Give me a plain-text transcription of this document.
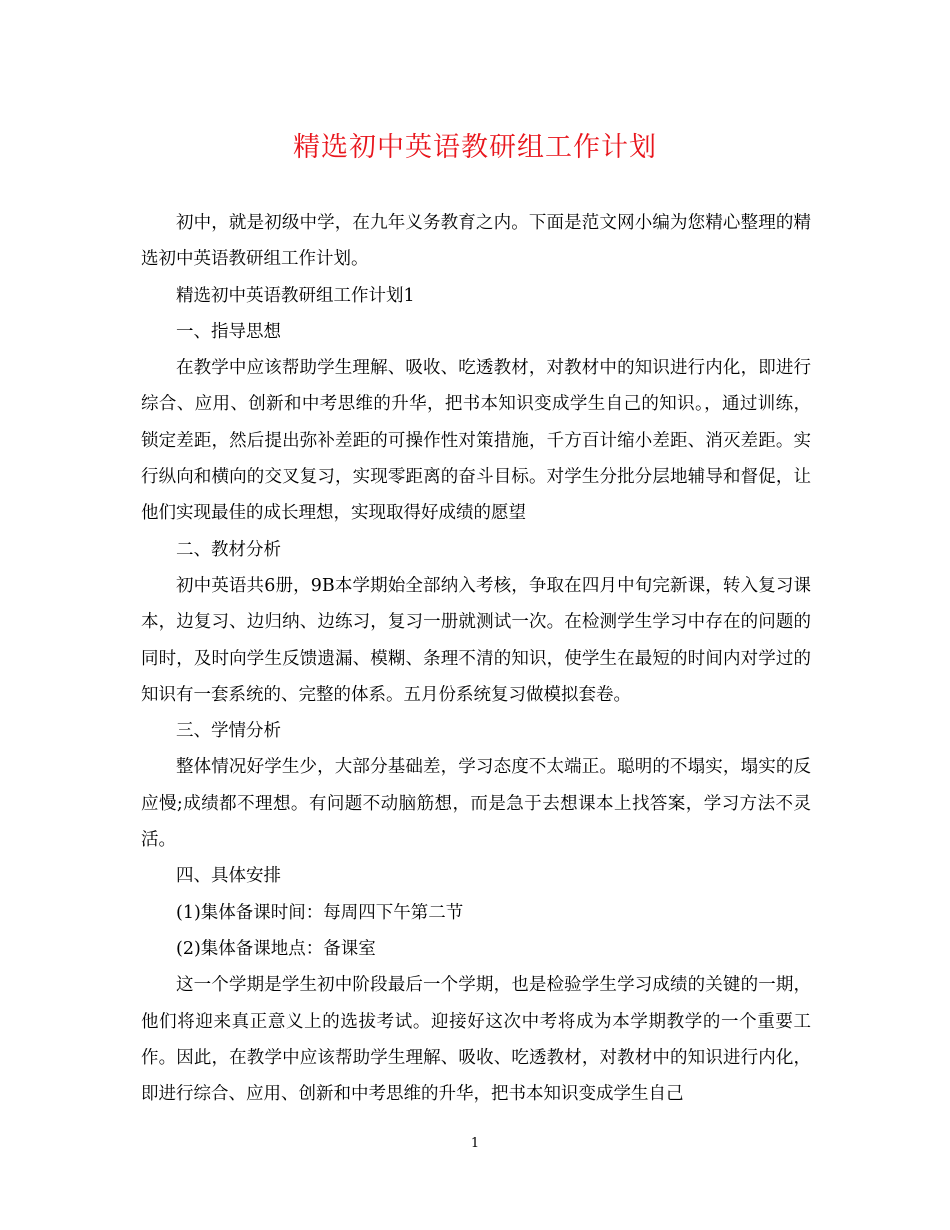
精选初中英语教研组工作计划

初中，就是初级中学，在九年义务教育之内。下面是范文网小编为您精心整理的精选初中英语教研组工作计划。

精选初中英语教研组工作计划1

一、指导思想

在教学中应该帮助学生理解、吸收、吃透教材，对教材中的知识进行内化，即进行综合、应用、创新和中考思维的升华，把书本知识变成学生自己的知识。，通过训练，锁定差距，然后提出弥补差距的可操作性对策措施，千方百计缩小差距、消灭差距。实行纵向和横向的交叉复习，实现零距离的奋斗目标。对学生分批分层地辅导和督促，让他们实现最佳的成长理想，实现取得好成绩的愿望

二、教材分析

初中英语共6册，9B本学期始全部纳入考核，争取在四月中旬完新课，转入复习课本，边复习、边归纳、边练习，复习一册就测试一次。在检测学生学习中存在的问题的同时，及时向学生反馈遗漏、模糊、条理不清的知识，使学生在最短的时间内对学过的知识有一套系统的、完整的体系。五月份系统复习做模拟套卷。

三、学情分析

整体情况好学生少，大部分基础差，学习态度不太端正。聪明的不塌实，塌实的反应慢;成绩都不理想。有问题不动脑筋想，而是急于去想课本上找答案，学习方法不灵活。

四、具体安排

(1)集体备课时间：每周四下午第二节

(2)集体备课地点：备课室

这一个学期是学生初中阶段最后一个学期，也是检验学生学习成绩的关键的一期，他们将迎来真正意义上的选拔考试。迎接好这次中考将成为本学期教学的一个重要工作。因此，在教学中应该帮助学生理解、吸收、吃透教材，对教材中的知识进行内化，即进行综合、应用、创新和中考思维的升华，把书本知识变成学生自己

1
